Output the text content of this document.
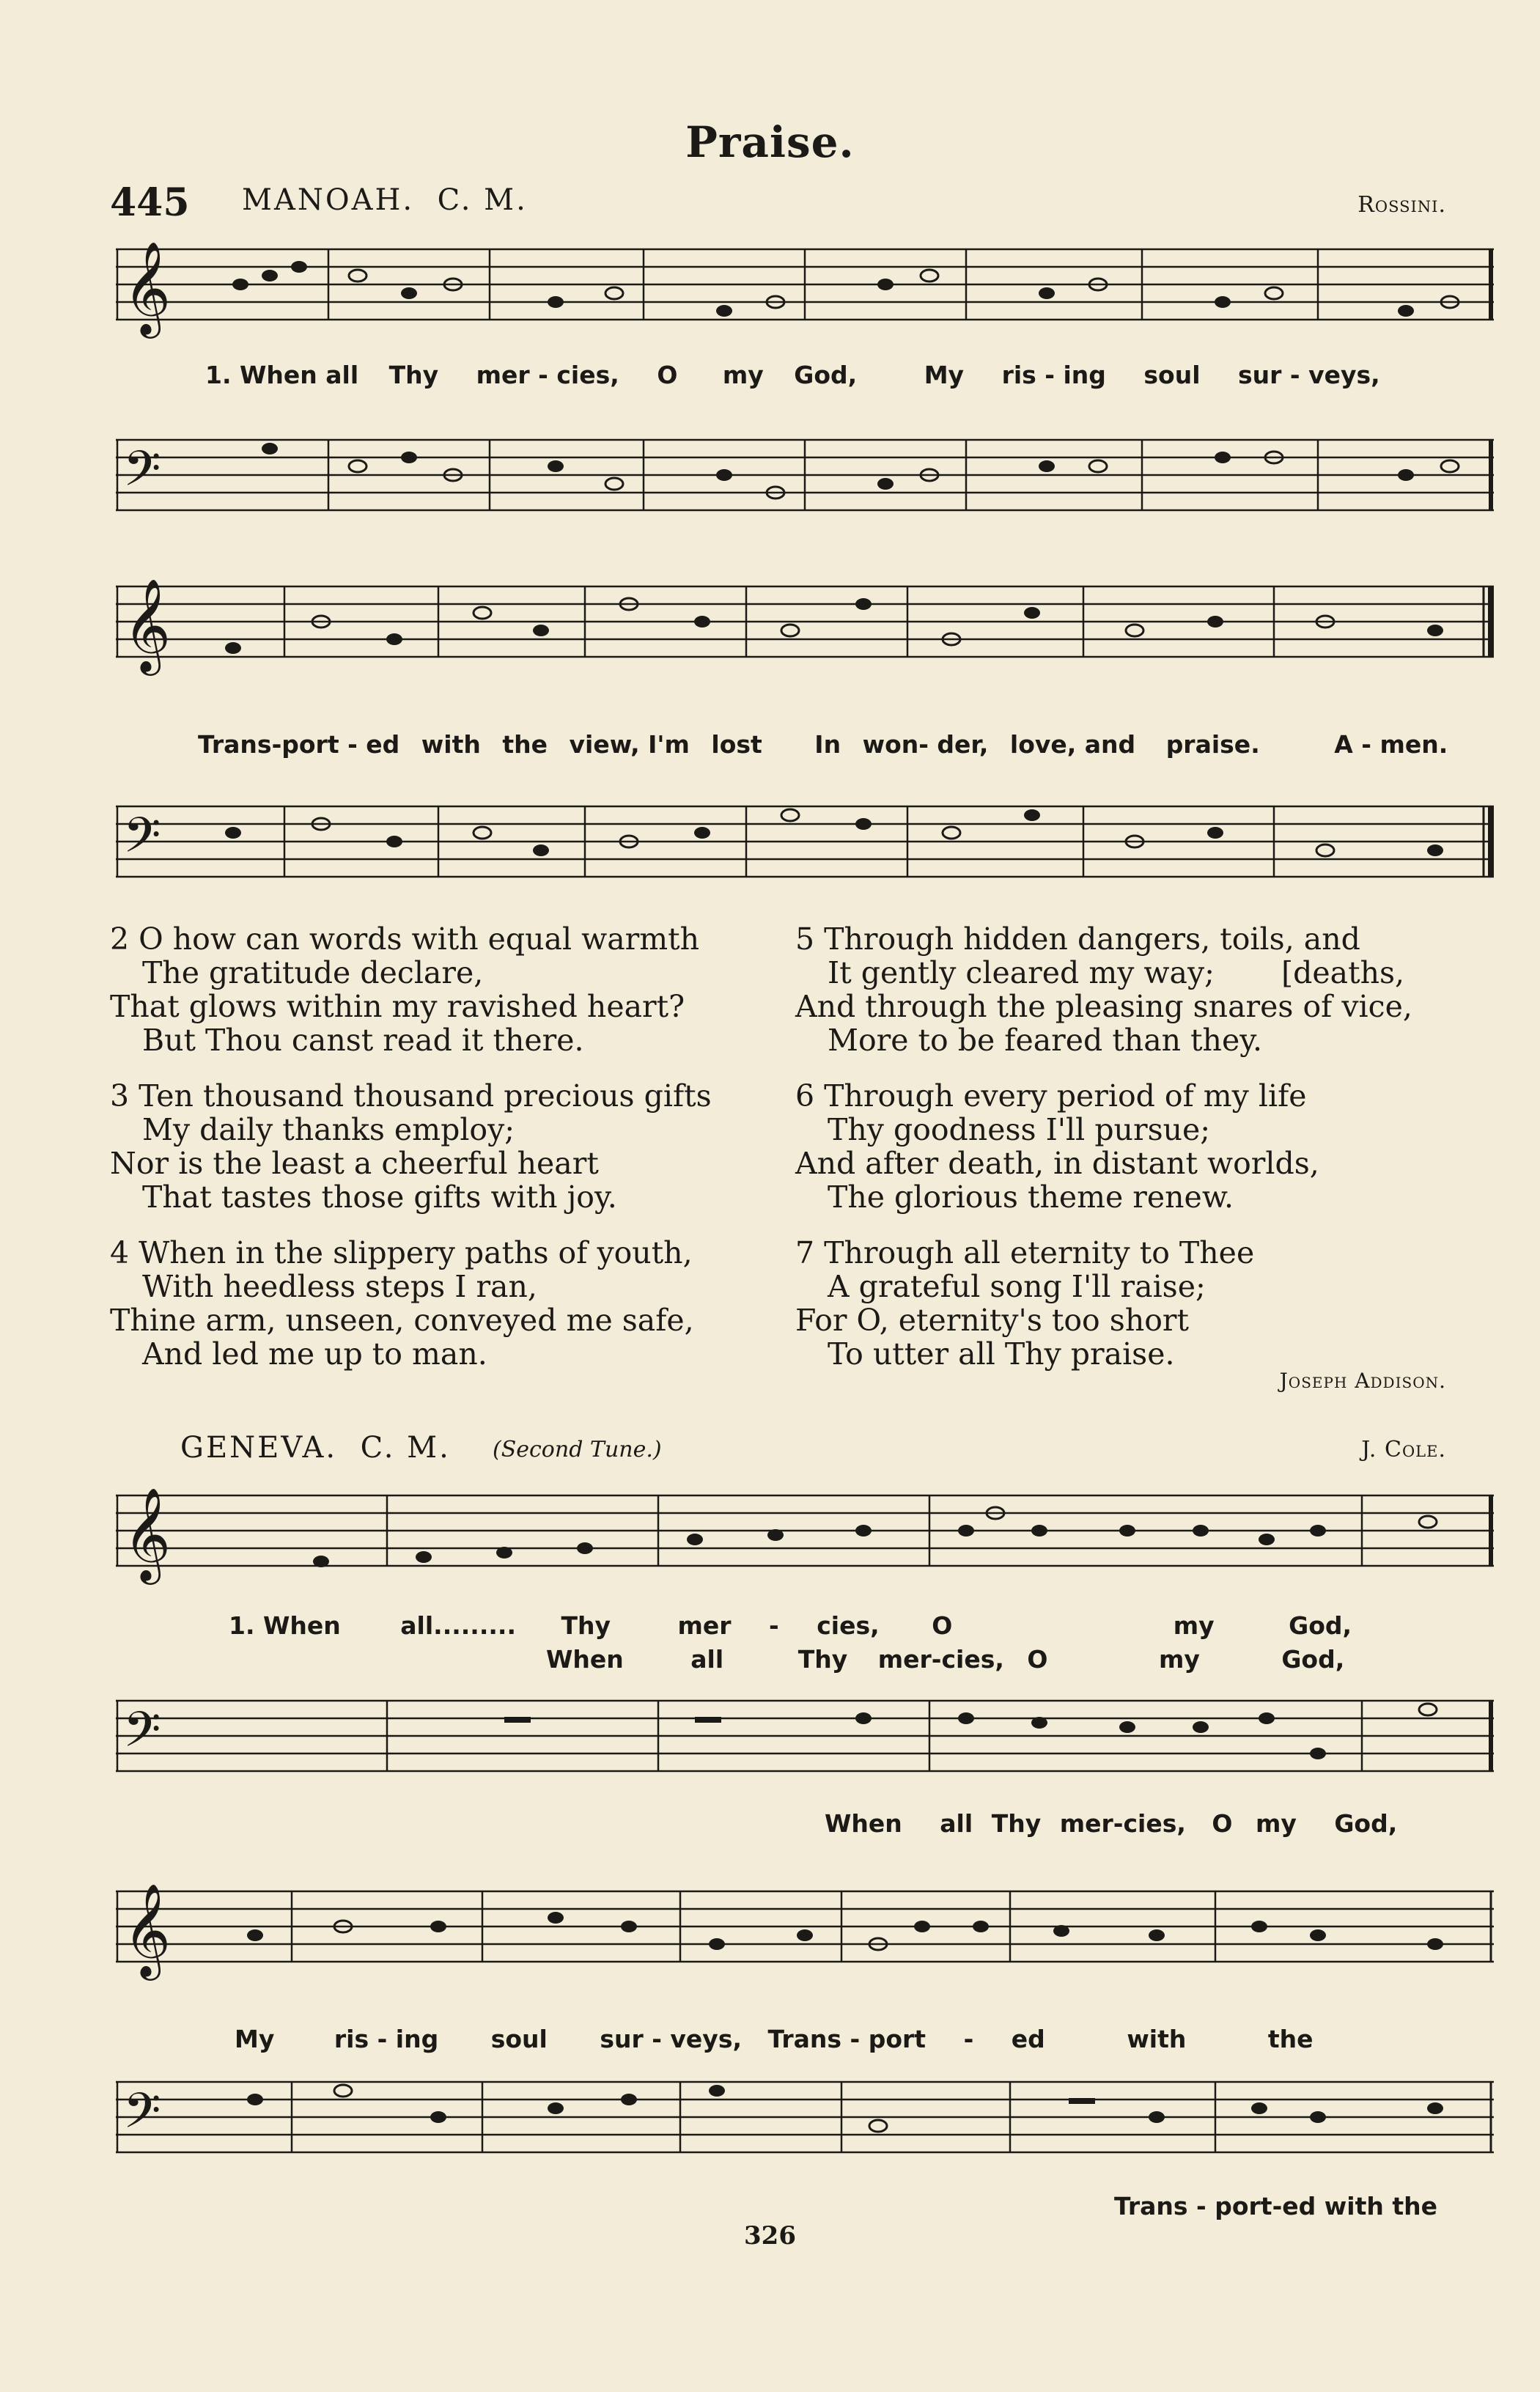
Praise.
445 MANOAH. C. M.	Rossini.
𝄞
1. When all Thy mer - cies, O my God,	My ris - ing soul sur - veys,
𝄢
𝄞
Trans-port - ed with the view, I'm lost In won- der, love, and praise.	A - men.
𝄢
2 O how can words with equal warmth
The gratitude declare,
That glows within my ravished heart?
But Thou canst read it there.
3 Ten thousand thousand precious gifts
My daily thanks employ;
Nor is the least a cheerful heart
That tastes those gifts with joy.
4 When in the slippery paths of youth,
With heedless steps I ran,
Thine arm, unseen, conveyed me safe,
And led me up to man.
5 Through hidden dangers, toils, and
It gently cleared my way;       [deaths,
And through the pleasing snares of vice,
More to be feared than they.
6 Through every period of my life
Thy goodness I'll pursue;
And after death, in distant worlds,
The glorious theme renew.
7 Through all eternity to Thee
A grateful song I'll raise;
For O, eternity's too short
To utter all Thy praise.
Joseph Addison.
GENEVA. C. M. (Second Tune.)	J. Cole.
𝄞
1. When all......... Thy	mer - cies, O	my	God,
When	all	Thy mer-cies, O	my	God,
𝄢
When all Thy mer-cies, O my God,
𝄞
My ris - ing soul sur - veys, Trans - port - ed	with	the
𝄢
Trans - port-ed with the
326
